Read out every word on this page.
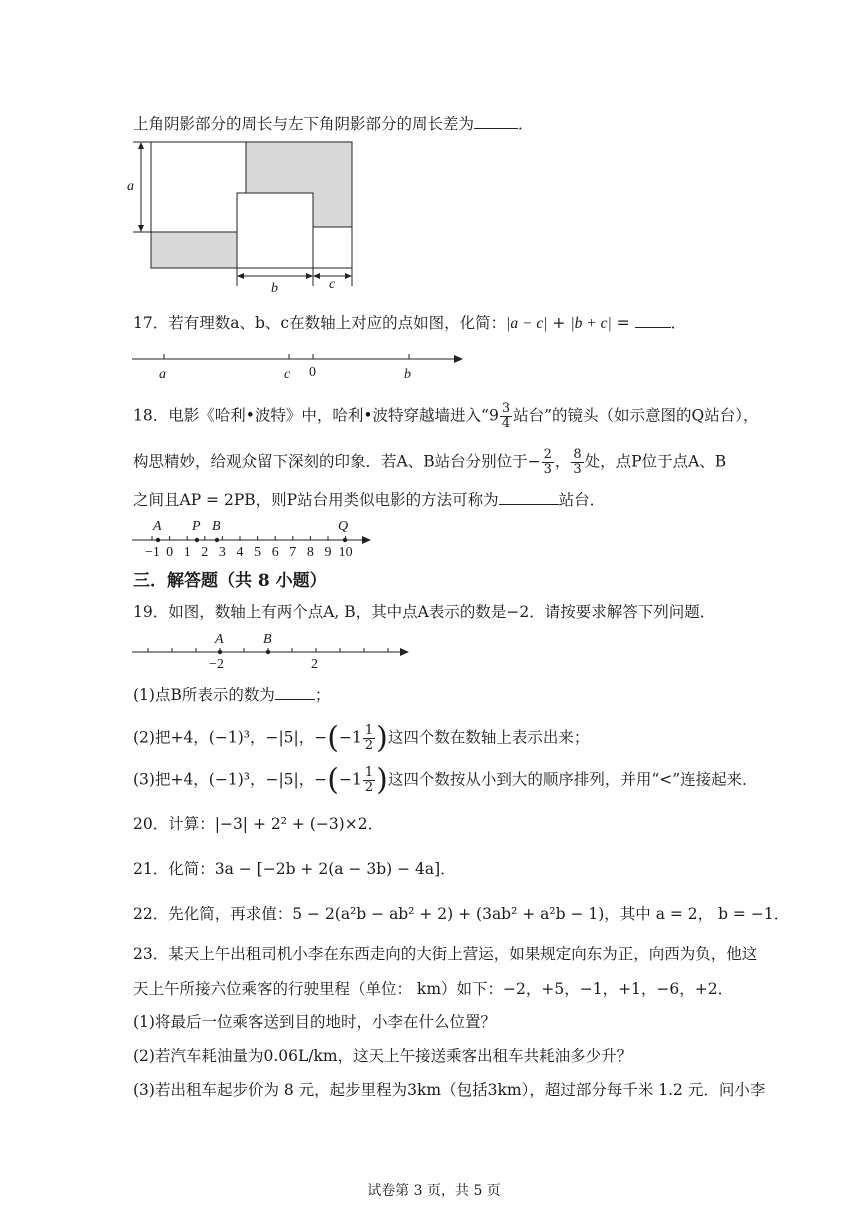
上角阴影部分的周长与左下角阴影部分的周长差为	．
a
b	c
17．若有理数a、b、c在数轴上对应的点如图，化简：|a − c| + |b + c| =	．
a	c 0	b
18．电影《哈利•波特》中，哈利•波特穿越墙进入“$9 \frac{3}{4}$ 站台”的镜头（如示意图的Q站台），
构思精妙，给观众留下深刻的印象．若A、B站台分别位于− $\frac{2}{3}$ ， $\frac{8}{3}$ 处，点P位于点A、B
之间且AP = 2PB，则P站台用类似电影的方法可称为	站台．
−1 0 1 2 3 4 5 6 7 8 9 10
A P B	Q
三．解答题（共 8 小题）
19．如图，数轴上有两个点A, B，其中点A表示的数是−2．请按要求解答下列问题．
A	B
−2	2
(1)点B所表示的数为	；
(2)把+4，(−1)³，−|5|，$-(-1 \frac{1}{2}$ )这四个数在数轴上表示出来；
(3)把+4，(−1)³，−|5|，$-(-1 \frac{1}{2}$ )这四个数按从小到大的顺序排列，并用“<”连接起来．
20．计算：|−3| + 2² + (−3)×2．
21．化简：3a − [−2b + 2(a − 3b) − 4a]．
22．先化简，再求值：5 − 2(a²b − ab² + 2) + (3ab² + a²b − 1)，其中 a = 2， b = −1．
23．某天上午出租司机小李在东西走向的大街上营运，如果规定向东为正，向西为负，他这
天上午所接六位乘客的行驶里程（单位： km）如下：−2，+5，−1，+1，−6，+2．
(1)将最后一位乘客送到目的地时，小李在什么位置？
(2)若汽车耗油量为0.06L/km，这天上午接送乘客出租车共耗油多少升？
(3)若出租车起步价为 8 元，起步里程为3km（包括3km），超过部分每千米 1.2 元．问小李
试卷第 3 页，共 5 页
